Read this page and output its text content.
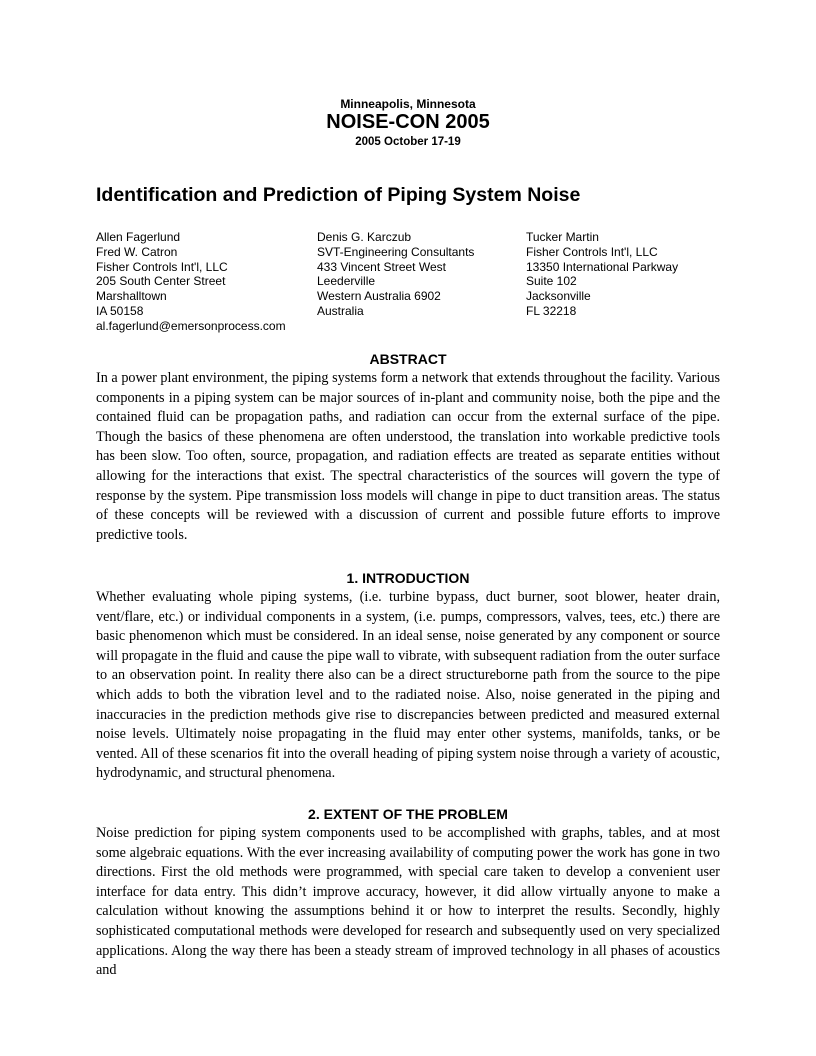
Minneapolis, Minnesota
NOISE-CON 2005
2005 October 17-19
Identification and Prediction of Piping System Noise
Allen Fagerlund
Fred W. Catron
Fisher Controls Int'l, LLC
205 South Center Street
Marshalltown
IA 50158
al.fagerlund@emersonprocess.com
Denis G. Karczub
SVT-Engineering Consultants
433 Vincent Street West
Leederville
Western Australia 6902
Australia
Tucker Martin
Fisher Controls Int'l, LLC
13350 International Parkway
Suite 102
Jacksonville
FL 32218
ABSTRACT

In a power plant environment, the piping systems form a network that extends throughout the facility. Various components in a piping system can be major sources of in-plant and community noise, both the pipe and the contained fluid can be propagation paths, and radiation can occur from the external surface of the pipe. Though the basics of these phenomena are often understood, the translation into workable predictive tools has been slow. Too often, source, propagation, and radiation effects are treated as separate entities without allowing for the interactions that exist. The spectral characteristics of the sources will govern the type of response by the system. Pipe transmission loss models will change in pipe to duct transition areas. The status of these concepts will be reviewed with a discussion of current and possible future efforts to improve predictive tools.

1. INTRODUCTION

Whether evaluating whole piping systems, (i.e. turbine bypass, duct burner, soot blower, heater drain, vent/flare, etc.) or individual components in a system, (i.e. pumps, compressors, valves, tees, etc.) there are basic phenomenon which must be considered. In an ideal sense, noise generated by any component or source will propagate in the fluid and cause the pipe wall to vibrate, with subsequent radiation from the outer surface to an observation point. In reality there also can be a direct structureborne path from the source to the pipe which adds to both the vibration level and to the radiated noise. Also, noise generated in the piping and inaccuracies in the prediction methods give rise to discrepancies between predicted and measured external noise levels. Ultimately noise propagating in the fluid may enter other systems, manifolds, tanks, or be vented. All of these scenarios fit into the overall heading of piping system noise through a variety of acoustic, hydrodynamic, and structural phenomena.

2. EXTENT OF THE PROBLEM

Noise prediction for piping system components used to be accomplished with graphs, tables, and at most some algebraic equations. With the ever increasing availability of computing power the work has gone in two directions. First the old methods were programmed, with special care taken to develop a convenient user interface for data entry. This didn’t improve accuracy, however, it did allow virtually anyone to make a calculation without knowing the assumptions behind it or how to interpret the results. Secondly, highly sophisticated computational methods were developed for research and subsequently used on very specialized applications. Along the way there has been a steady stream of improved technology in all phases of acoustics and
